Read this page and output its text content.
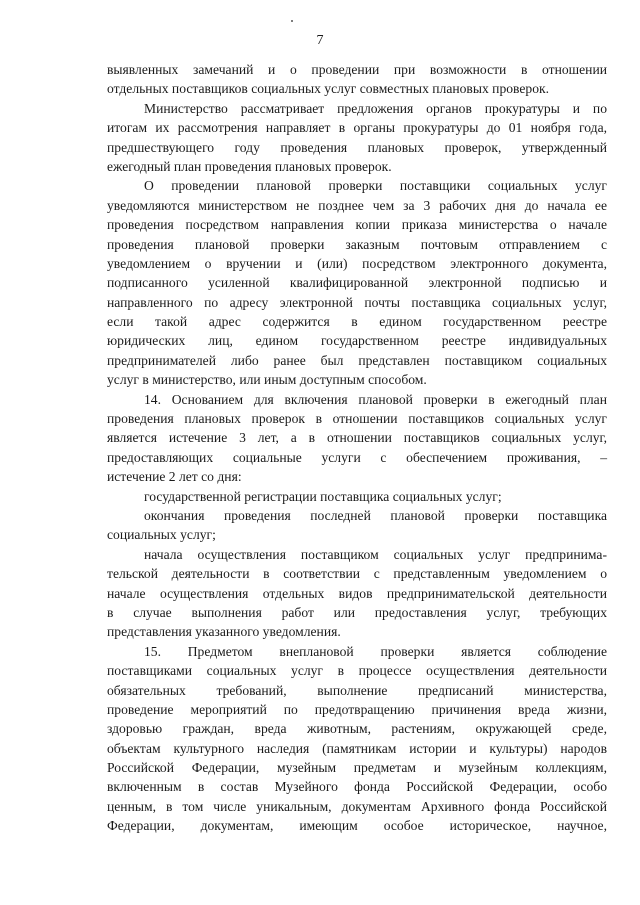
7
выявленных замечаний и о проведении при возможности в отношении
отдельных поставщиков социальных услуг совместных плановых проверок.
Министерство рассматривает предложения органов прокуратуры и по
итогам их рассмотрения направляет в органы прокуратуры до 01 ноября года,
предшествующего году проведения плановых проверок, утвержденный
ежегодный план проведения плановых проверок.
О проведении плановой проверки поставщики социальных услуг
уведомляются министерством не позднее чем за 3 рабочих дня до начала ее
проведения посредством направления копии приказа министерства о начале
проведения плановой проверки заказным почтовым отправлением с
уведомлением о вручении и (или) посредством электронного документа,
подписанного усиленной квалифицированной электронной подписью и
направленного по адресу электронной почты поставщика социальных услуг,
если такой адрес содержится в едином государственном реестре
юридических лиц, едином государственном реестре индивидуальных
предпринимателей либо ранее был представлен поставщиком социальных
услуг в министерство, или иным доступным способом.
14. Основанием для включения плановой проверки в ежегодный план
проведения плановых проверок в отношении поставщиков социальных услуг
является истечение 3 лет, а в отношении поставщиков социальных услуг,
предоставляющих социальные услуги с обеспечением проживания, –
истечение 2 лет со дня:
государственной регистрации поставщика социальных услуг;
окончания проведения последней плановой проверки поставщика
социальных услуг;
начала осуществления поставщиком социальных услуг предпринима-
тельской деятельности в соответствии с представленным уведомлением о
начале осуществления отдельных видов предпринимательской деятельности
в случае выполнения работ или предоставления услуг, требующих
представления указанного уведомления.
15. Предметом внеплановой проверки является соблюдение
поставщиками социальных услуг в процессе осуществления деятельности
обязательных требований, выполнение предписаний министерства,
проведение мероприятий по предотвращению причинения вреда жизни,
здоровью граждан, вреда животным, растениям, окружающей среде,
объектам культурного наследия (памятникам истории и культуры) народов
Российской Федерации, музейным предметам и музейным коллекциям,
включенным в состав Музейного фонда Российской Федерации, особо
ценным, в том числе уникальным, документам Архивного фонда Российской
Федерации, документам, имеющим особое историческое, научное,
